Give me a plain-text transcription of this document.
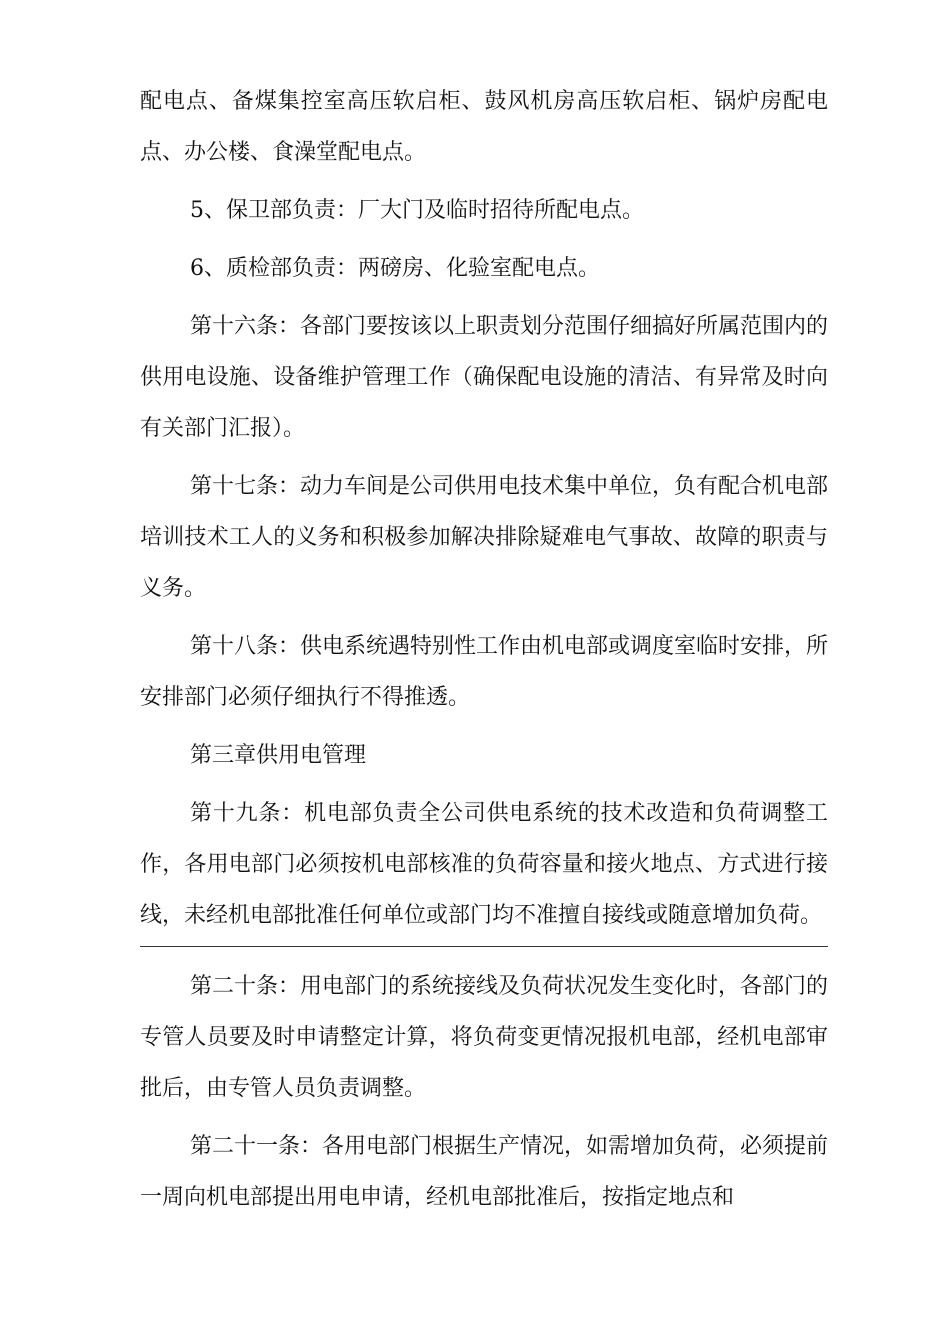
配电点、备煤集控室高压软启柜、鼓风机房高压软启柜、锅炉房配电点、办公楼、食澡堂配电点。

5、保卫部负责：厂大门及临时招待所配电点。

6、质检部负责：两磅房、化验室配电点。

第十六条：各部门要按该以上职责划分范围仔细搞好所属范围内的供用电设施、设备维护管理工作（确保配电设施的清洁、有异常及时向有关部门汇报）。

第十七条：动力车间是公司供用电技术集中单位，负有配合机电部培训技术工人的义务和积极参加解决排除疑难电气事故、故障的职责与义务。

第十八条：供电系统遇特别性工作由机电部或调度室临时安排，所安排部门必须仔细执行不得推透。

第三章供用电管理

第十九条：机电部负责全公司供电系统的技术改造和负荷调整工作，各用电部门必须按机电部核准的负荷容量和接火地点、方式进行接线，未经机电部批准任何单位或部门均不准擅自接线或随意增加负荷。

第二十条：用电部门的系统接线及负荷状况发生变化时，各部门的专管人员要及时申请整定计算，将负荷变更情况报机电部，经机电部审批后，由专管人员负责调整。

第二十一条：各用电部门根据生产情况，如需增加负荷，必须提前一周向机电部提出用电申请，经机电部批准后，按指定地点和
